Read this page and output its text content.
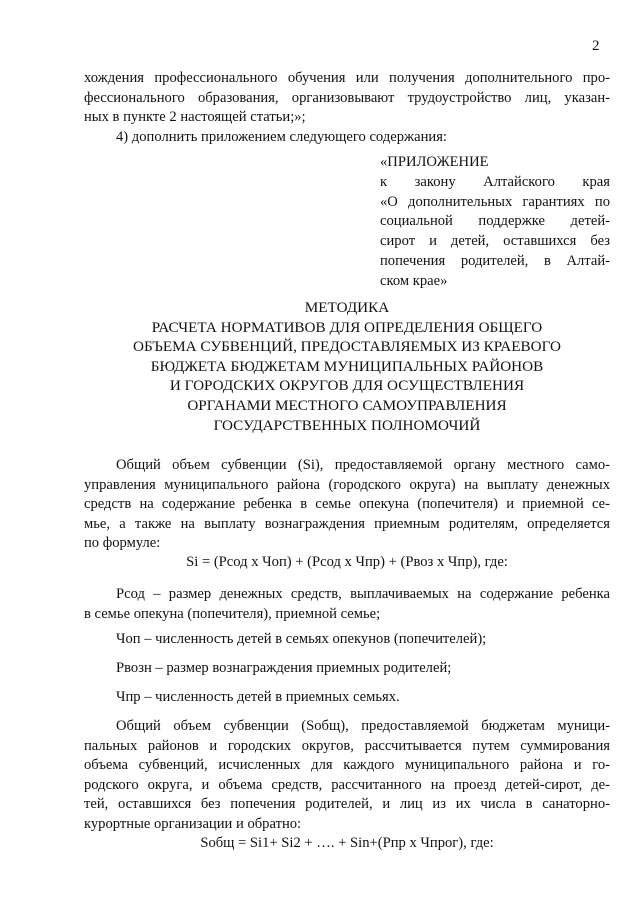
2
хождения профессионального обучения или получения дополнительного про-
фессионального образования, организовывают трудоустройство лиц, указан-
ных в пункте 2 настоящей статьи;»;
4) дополнить приложением следующего содержания:
«ПРИЛОЖЕНИЕ
к закону Алтайского края
«О дополнительных гарантиях по
социальной поддержке детей-
сирот и детей, оставшихся без
попечения родителей, в Алтай-
ском крае»
МЕТОДИКА
РАСЧЕТА НОРМАТИВОВ ДЛЯ ОПРЕДЕЛЕНИЯ ОБЩЕГО
ОБЪЕМА СУБВЕНЦИЙ, ПРЕДОСТАВЛЯЕМЫХ ИЗ КРАЕВОГО
БЮДЖЕТА БЮДЖЕТАМ МУНИЦИПАЛЬНЫХ РАЙОНОВ
И ГОРОДСКИХ ОКРУГОВ ДЛЯ ОСУЩЕСТВЛЕНИЯ
ОРГАНАМИ МЕСТНОГО САМОУПРАВЛЕНИЯ
ГОСУДАРСТВЕННЫХ ПОЛНОМОЧИЙ
Общий объем субвенции (Si), предоставляемой органу местного само-
управления муниципального района (городского округа) на выплату денежных
средств на содержание ребенка в семье опекуна (попечителя) и приемной се-
мье, а также на выплату вознаграждения приемным родителям, определяется
по формуле:
Si = (Рсод х Чоп) + (Рсод х Чпр) + (Рвоз х Чпр), где:
Рсод – размер денежных средств, выплачиваемых на содержание ребенка
в семье опекуна (попечителя), приемной семье;
Чоп – численность детей в семьях опекунов (попечителей);
Рвозн – размер вознаграждения приемных родителей;
Чпр – численность детей в приемных семьях.
Общий объем субвенции (Sобщ), предоставляемой бюджетам муници-
пальных районов и городских округов, рассчитывается путем суммирования
объема субвенций, исчисленных для каждого муниципального района и го-
родского округа, и объема средств, рассчитанного на проезд детей-сирот, де-
тей, оставшихся без попечения родителей, и лиц из их числа в санаторно-
курортные организации и обратно:
Sобщ = Si1+ Si2 + …. + Sin+(Рпр х Чпрог), где:
